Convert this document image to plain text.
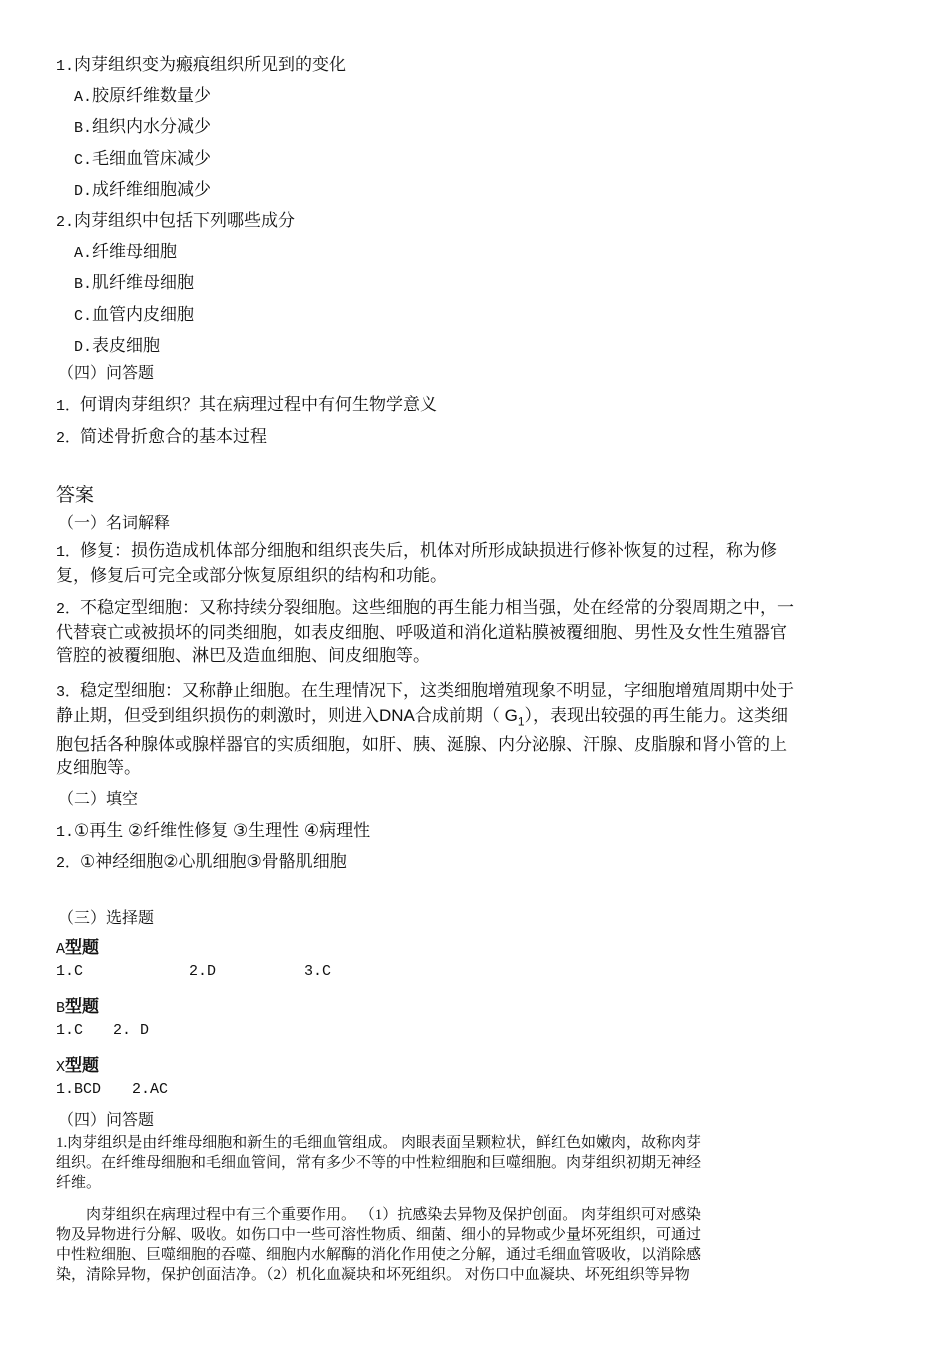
1.肉芽组织变为瘢痕组织所见到的变化
A.胶原纤维数量少
B.组织内水分减少
C.毛细血管床减少
D.成纤维细胞减少
2.肉芽组织中包括下列哪些成分
A.纤维母细胞
B.肌纤维母细胞
C.血管内皮细胞
D.表皮细胞
（四）问答题
1．何谓肉芽组织？其在病理过程中有何生物学意义
2．简述骨折愈合的基本过程
答案
（一）名词解释
1．修复：损伤造成机体部分细胞和组织丧失后，机体对所形成缺损进行修补恢复的过程，称为修
复，修复后可完全或部分恢复原组织的结构和功能。
2．不稳定型细胞：又称持续分裂细胞。这些细胞的再生能力相当强，处在经常的分裂周期之中，一
代替衰亡或被损坏的同类细胞，如表皮细胞、呼吸道和消化道粘膜被覆细胞、男性及女性生殖器官
管腔的被覆细胞、淋巴及造血细胞、间皮细胞等。
3．稳定型细胞：又称静止细胞。在生理情况下，这类细胞增殖现象不明显，字细胞增殖周期中处于
静止期，但受到组织损伤的刺激时，则进入DNA合成前期（ $G_1$），表现出较强的再生能力。这类细
胞包括各种腺体或腺样器官的实质细胞，如肝、胰、涎腺、内分泌腺、汗腺、皮脂腺和肾小管的上
皮细胞等。
（二）填空
1.①再生 ②纤维性修复 ③生理性 ④病理性
2．①神经细胞②心肌细胞③骨骼肌细胞
（三）选择题
A型题
1.C	2.D	3.C
B型题
1.C 2. D
X型题
1.BCD 2.AC
（四）问答题
1.肉芽组织是由纤维母细胞和新生的毛细血管组成。 肉眼表面呈颗粒状，鲜红色如嫩肉，故称肉芽
组织。在纤维母细胞和毛细血管间，常有多少不等的中性粒细胞和巨噬细胞。肉芽组织初期无神经
纤维。
肉芽组织在病理过程中有三个重要作用。 （1）抗感染去异物及保护创面。 肉芽组织可对感染
物及异物进行分解、吸收。如伤口中一些可溶性物质、细菌、细小的异物或少量坏死组织，可通过
中性粒细胞、巨噬细胞的吞噬、细胞内水解酶的消化作用使之分解，通过毛细血管吸收，以消除感
染，清除异物，保护创面洁净。（2）机化血凝块和坏死组织。 对伤口中血凝块、坏死组织等异物
